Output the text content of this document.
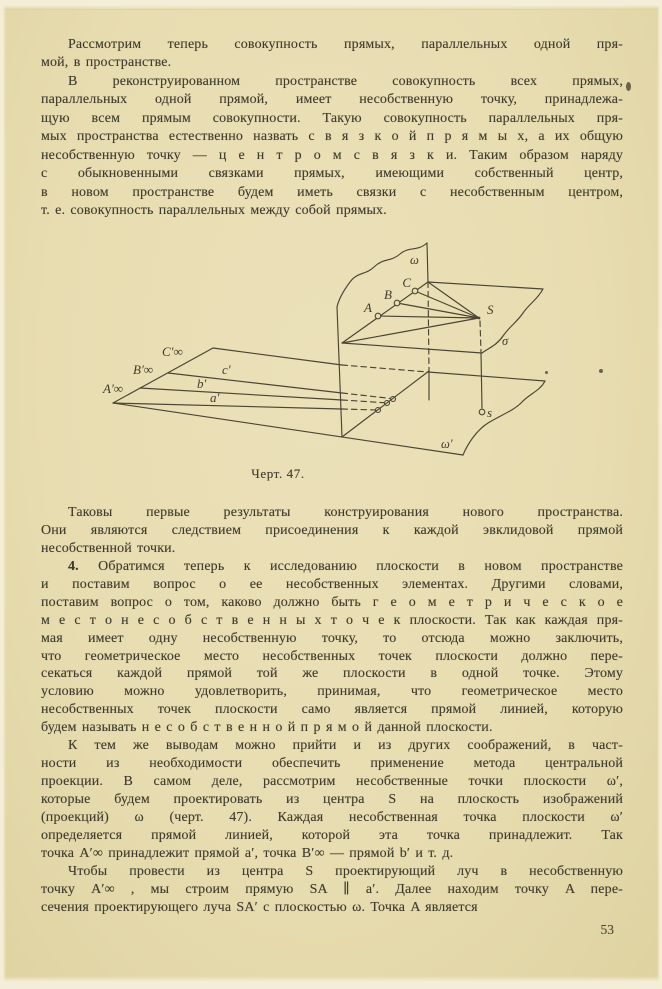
Рассмотрим теперь совокупность прямых, параллельных одной пря-
мой, в пространстве.
В реконструированном пространстве совокупность всех прямых,
параллельных одной прямой, имеет несобственную точку, принадлежа-
щую всем прямым совокупности. Такую совокупность параллельных пря-
мых пространства естественно назвать с в я з к о й п р я м ы х, а их общую
несобственную точку — ц е н т р о м с в я з к и. Таким образом наряду
с обыкновенными связками прямых, имеющими собственный центр,
в новом пространстве будем иметь связки с несобственным центром,
т. е. совокупность параллельных между собой прямых.
ω
ω′
σ
A
B
C
S
s
A′∞
B′∞
C′∞
a′
b′
c′
Черт. 47.
Таковы первые результаты конструирования нового пространства.
Они являются следствием присоединения к каждой эвклидовой прямой
несобственной точки.
4. Обратимся теперь к исследованию плоскости в новом пространстве
и поставим вопрос о ее несобственных элементах. Другими словами,
поставим вопрос о том, каково должно быть г е о м е т р и ч е с к о е
м е с т о н е с о б с т в е н н ы х т о ч е к плоскости. Так как каждая пря-
мая имеет одну несобственную точку, то отсюда можно заключить,
что геометрическое место несобственных точек плоскости должно пере-
секаться каждой прямой той же плоскости в одной точке. Этому
условию можно удовлетворить, принимая, что геометрическое место
несобственных точек плоскости само является прямой линией, которую
будем называть н е с о б с т в е н н о й п р я м о й данной плоскости.
К тем же выводам можно прийти и из других соображений, в част-
ности из необходимости обеспечить применение метода центральной
проекции. В самом деле, рассмотрим несобственные точки плоскости ω′,
которые будем проектировать из центра S на плоскость изображений
(проекций) ω (черт. 47). Каждая несобственная точка плоскости ω′
определяется прямой линией, которой эта точка принадлежит. Так
точка A′∞ принадлежит прямой a′, точка B′∞ — прямой b′ и т. д.
Чтобы провести из центра S проектирующий луч в несобственную
точку A′∞ , мы строим прямую SA ∥ a′. Далее находим точку A пере-
сечения проектирующего луча SA′ с плоскостью ω. Точка A является
53
